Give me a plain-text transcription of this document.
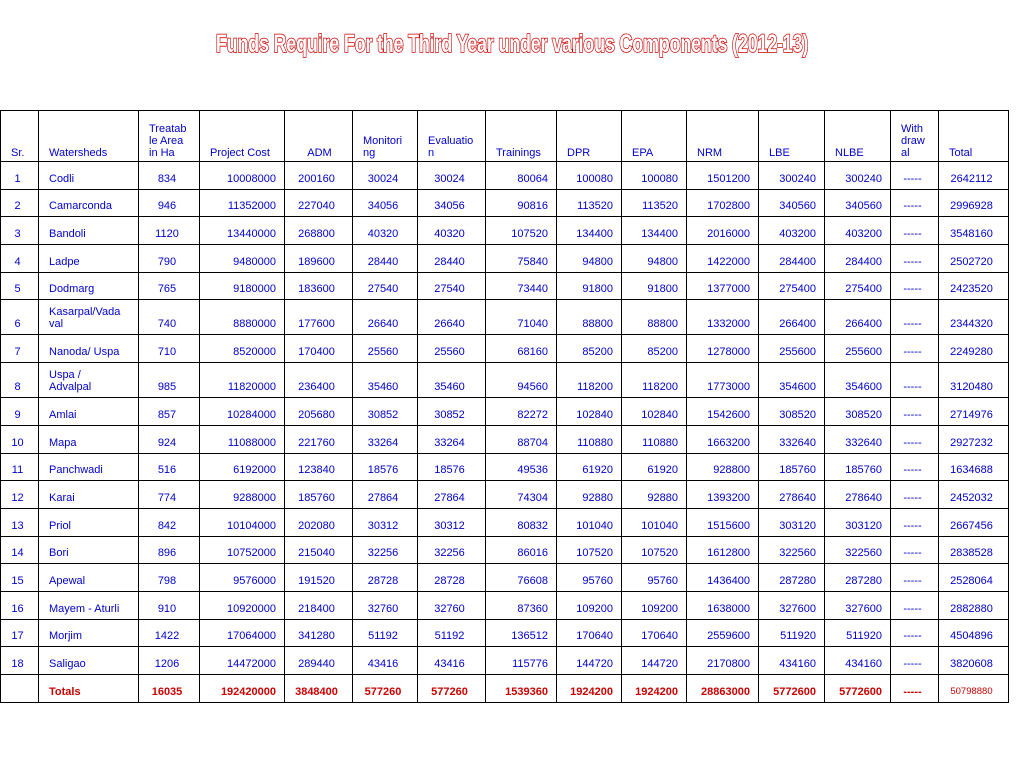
Funds Require For the Third Year under various Components (2012-13)
Sr.	Watersheds	Treatab
le Area
in Ha	Project Cost	ADM	Monitori
ng	Evaluatio
n	Trainings	DPR	EPA	NRM	LBE	NLBE	With
draw
al	Total
1	Codli	834	10008000	200160	30024	30024	80064	100080	100080	1501200	300240	300240	-----	2642112
2	Camarconda	946	11352000	227040	34056	34056	90816	113520	113520	1702800	340560	340560	-----	2996928
3	Bandoli	1120	13440000	268800	40320	40320	107520	134400	134400	2016000	403200	403200	-----	3548160
4	Ladpe	790	9480000	189600	28440	28440	75840	94800	94800	1422000	284400	284400	-----	2502720
5	Dodmarg	765	9180000	183600	27540	27540	73440	91800	91800	1377000	275400	275400	-----	2423520
6	Kasarpal/Vada
val	740	8880000	177600	26640	26640	71040	88800	88800	1332000	266400	266400	-----	2344320
7	Nanoda/ Uspa	710	8520000	170400	25560	25560	68160	85200	85200	1278000	255600	255600	-----	2249280
8	Uspa /
Advalpal	985	11820000	236400	35460	35460	94560	118200	118200	1773000	354600	354600	-----	3120480
9	Amlai	857	10284000	205680	30852	30852	82272	102840	102840	1542600	308520	308520	-----	2714976
10	Mapa	924	11088000	221760	33264	33264	88704	110880	110880	1663200	332640	332640	-----	2927232
11	Panchwadi	516	6192000	123840	18576	18576	49536	61920	61920	928800	185760	185760	-----	1634688
12	Karai	774	9288000	185760	27864	27864	74304	92880	92880	1393200	278640	278640	-----	2452032
13	Priol	842	10104000	202080	30312	30312	80832	101040	101040	1515600	303120	303120	-----	2667456
14	Bori	896	10752000	215040	32256	32256	86016	107520	107520	1612800	322560	322560	-----	2838528
15	Apewal	798	9576000	191520	28728	28728	76608	95760	95760	1436400	287280	287280	-----	2528064
16	Mayem - Aturli	910	10920000	218400	32760	32760	87360	109200	109200	1638000	327600	327600	-----	2882880
17	Morjim	1422	17064000	341280	51192	51192	136512	170640	170640	2559600	511920	511920	-----	4504896
18	Saligao	1206	14472000	289440	43416	43416	115776	144720	144720	2170800	434160	434160	-----	3820608
	Totals	16035	192420000	3848400	577260	577260	1539360	1924200	1924200	28863000	5772600	5772600	-----	50798880
